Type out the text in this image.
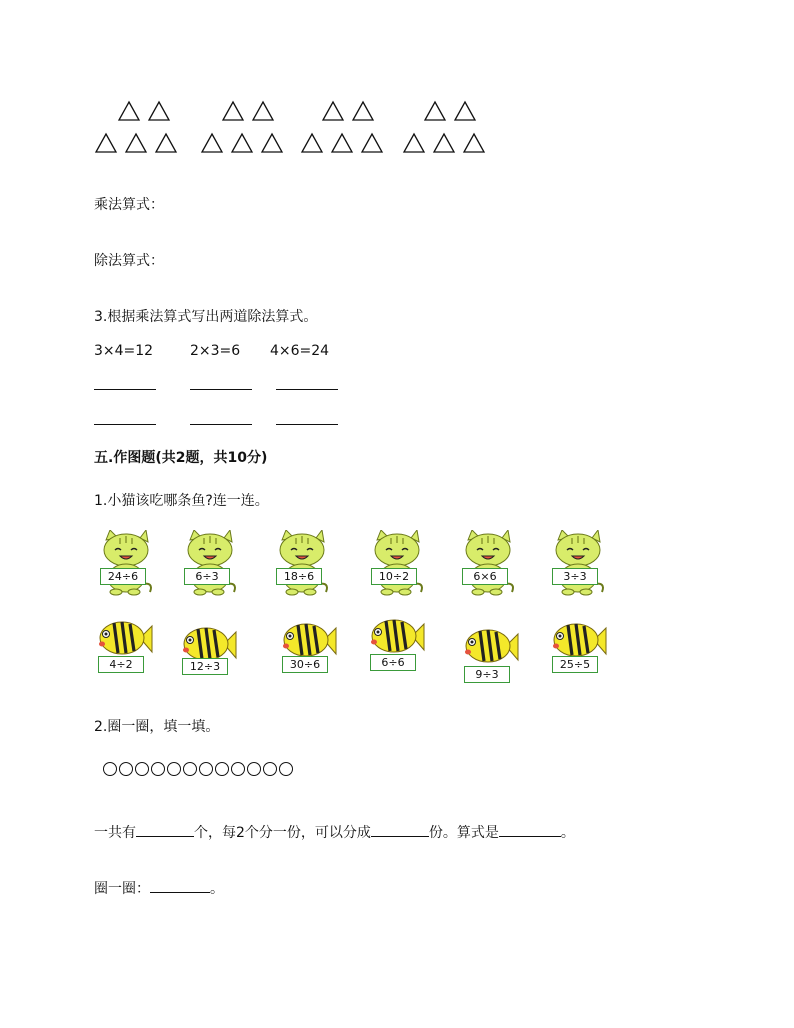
乘法算式：
除法算式：
3.根据乘法算式写出两道除法算式。
3×4=12	2×3=6 4×6=24
五.作图题(共2题，共10分)
1.小猫该吃哪条鱼?连一连。
24÷6	6÷3	18÷6	10÷2	6×6	3÷3
4÷2	12÷3	30÷6	6÷6
9÷3
25÷5
2.圈一圈，填一填。
一共有	个，每2个分一份，可以分成	份。算式是	。
圈一圈：	。
